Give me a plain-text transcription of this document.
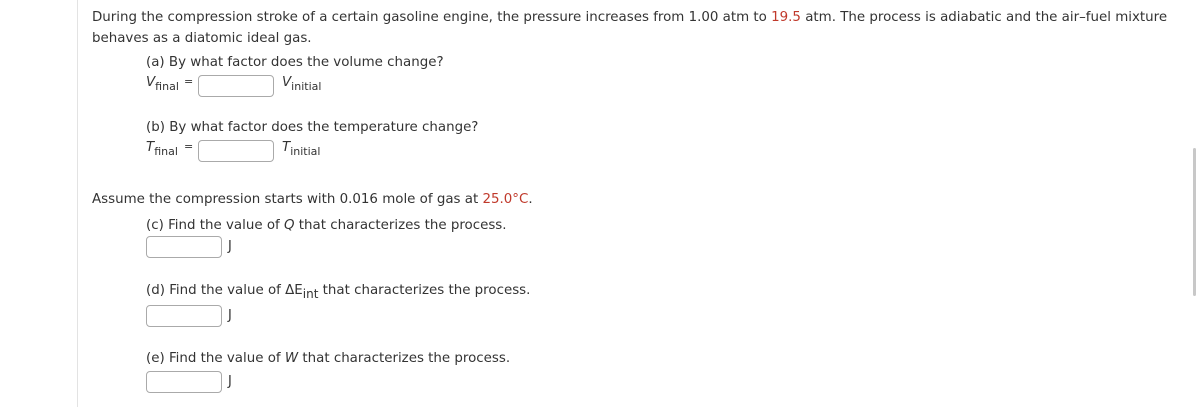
During the compression stroke of a certain gasoline engine, the pressure increases from 1.00 atm to 19.5 atm. The process is adiabatic and the air–fuel mixture behaves as a diatomic ideal gas.
(a) By what factor does the volume change?
$V_{final}$ =	$V_{initial}$
(b) By what factor does the temperature change?
$T_{final}$ =	$T_{initial}$
Assume the compression starts with 0.016 mole of gas at 25.0°C.
(c) Find the value of Q that characterizes the process.
J
(d) Find the value of ΔEint that characterizes the process.
J
(e) Find the value of W that characterizes the process.
J
